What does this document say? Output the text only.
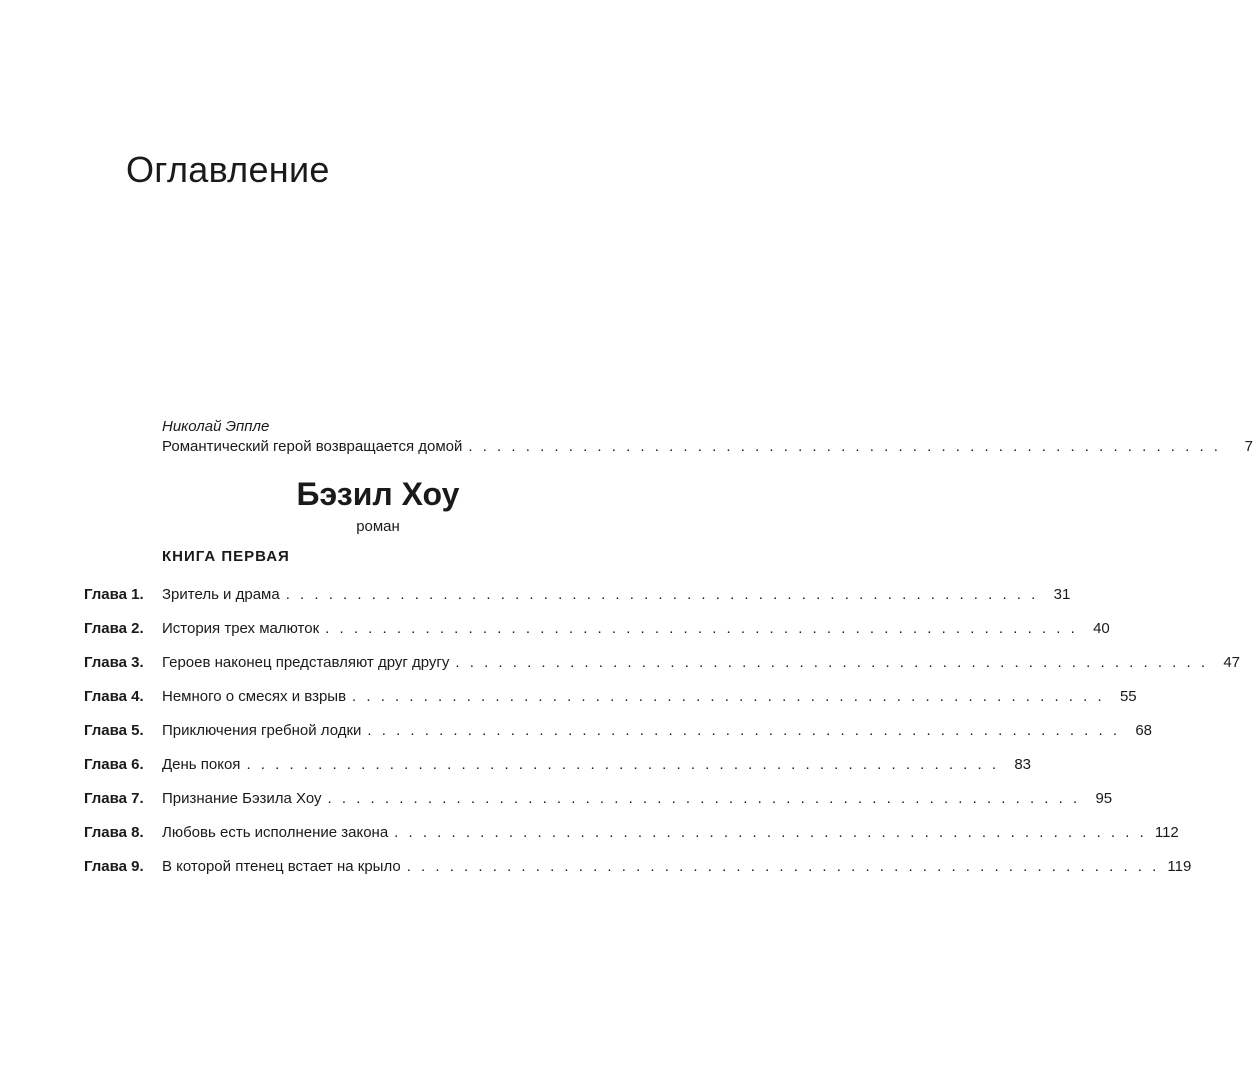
Оглавление
Николай Эппле
Романтический герой возвращается домой . . . . . . . . . . . . . . . . . . . . . . . . . . . . . . . . . . . . . . . . . . . . . . . . . . . . .	7
Бэзил Хоу
роман
КНИГА ПЕРВАЯ
Глава 1.	Зритель и драма . . . . . . . . . . . . . . . . . . . . . . . . . . . . . . . . . . . . . . . . . . . . . . . . . . . . .	31
Глава 2.	История трех малюток . . . . . . . . . . . . . . . . . . . . . . . . . . . . . . . . . . . . . . . . . . . . . . . . . . . . .	40
Глава 3.	Героев наконец представляют друг другу . . . . . . . . . . . . . . . . . . . . . . . . . . . . . . . . . . . . . . . . . . . . . . . . . . . . .	47
Глава 4.	Немного о смесях и взрыв . . . . . . . . . . . . . . . . . . . . . . . . . . . . . . . . . . . . . . . . . . . . . . . . . . . . .	55
Глава 5.	Приключения гребной лодки . . . . . . . . . . . . . . . . . . . . . . . . . . . . . . . . . . . . . . . . . . . . . . . . . . . . .	68
Глава 6.	День покоя . . . . . . . . . . . . . . . . . . . . . . . . . . . . . . . . . . . . . . . . . . . . . . . . . . . . .	83
Глава 7.	Признание Бэзила Хоу . . . . . . . . . . . . . . . . . . . . . . . . . . . . . . . . . . . . . . . . . . . . . . . . . . . . .	95
Глава 8.	Любовь есть исполнение закона . . . . . . . . . . . . . . . . . . . . . . . . . . . . . . . . . . . . . . . . . . . . . . . . . . . . . 112
Глава 9.	В которой птенец встает на крыло . . . . . . . . . . . . . . . . . . . . . . . . . . . . . . . . . . . . . . . . . . . . . . . . . . . . . 119
